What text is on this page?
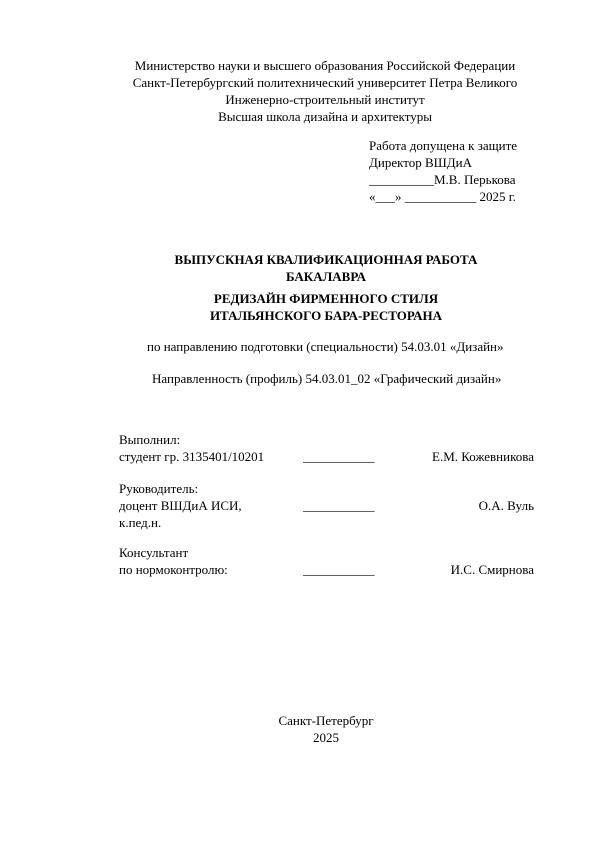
Министерство науки и высшего образования Российской Федерации
Санкт-Петербургский политехнический университет Петра Великого
Инженерно-строительный институт
Высшая школа дизайна и архитектуры
Работа допущена к защите
Директор ВШДиА
__________М.В. Перькова
«___» ___________ 2025 г.
ВЫПУСКНАЯ КВАЛИФИКАЦИОННАЯ РАБОТА
БАКАЛАВРА
РЕДИЗАЙН ФИРМЕННОГО СТИЛЯ
ИТАЛЬЯНСКОГО БАРА-РЕСТОРАНА
по направлению подготовки (специальности) 54.03.01 «Дизайн»
Направленность (профиль) 54.03.01_02 «Графический дизайн»
Выполнил:
студент гр. 3135401/10201	___________	Е.М. Кожевникова
Руководитель:
доцент ВШДиА ИСИ,	___________	О.А. Вуль
к.пед.н.
Консультант
по нормоконтролю:	___________	И.С. Смирнова
Санкт-Петербург
2025
